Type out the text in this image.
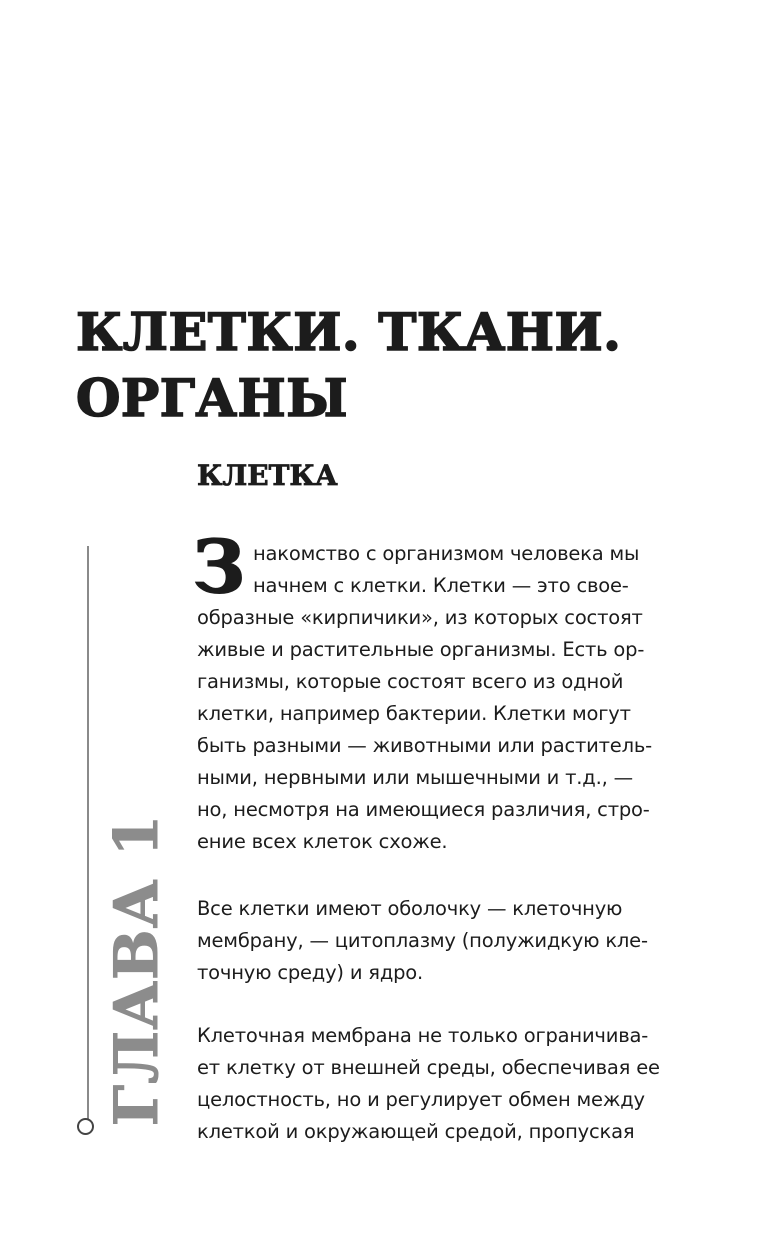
КЛЕТКИ. ТКАНИ.
ОРГАНЫ
КЛЕТКА
ГЛАВА 1
З накомство с организмом человека мы
начнем с клетки. Клетки — это свое-
образные «кирпичики», из которых состоят
живые и растительные организмы. Есть ор-
ганизмы, которые состоят всего из одной
клетки, например бактерии. Клетки могут
быть разными — животными или раститель-
ными, нервными или мышечными и т.д., —
но, несмотря на имеющиеся различия, стро-
ение всех клеток схоже.

Все клетки имеют оболочку — клеточную
мембрану, — цитоплазму (полужидкую кле-
точную среду) и ядро.

Клеточная мембрана не только ограничива-
ет клетку от внешней среды, обеспечивая ее
целостность, но и регулирует обмен между
клеткой и окружающей средой, пропуская
